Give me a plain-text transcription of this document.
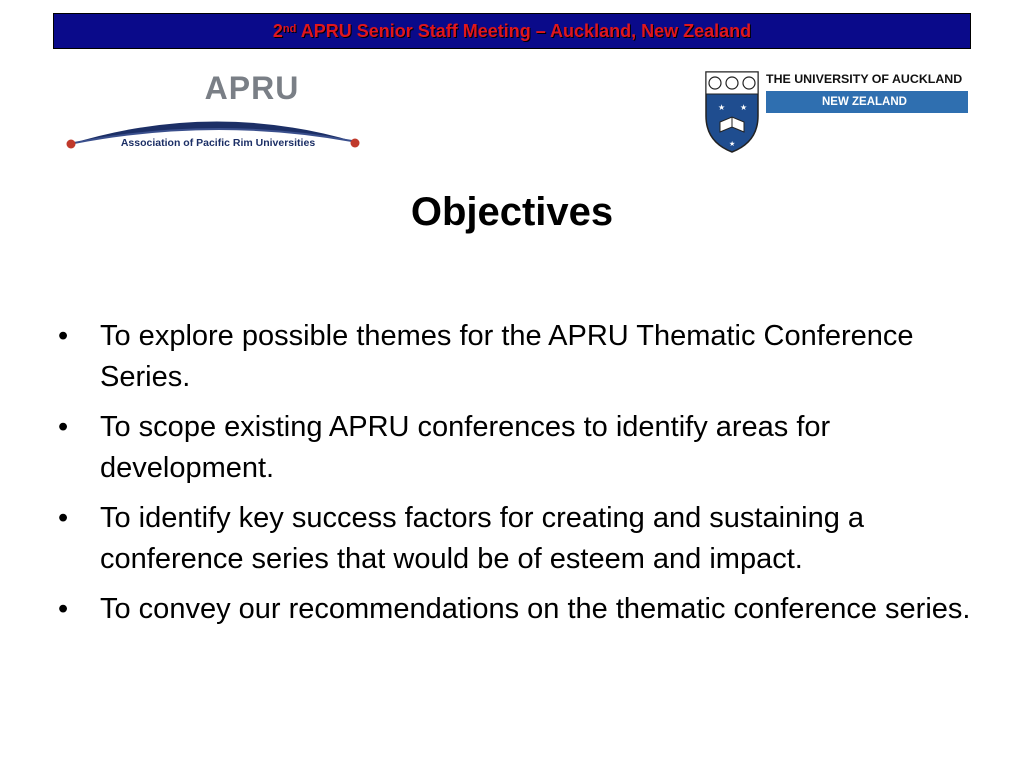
2nd APRU Senior Staff Meeting – Auckland, New Zealand
APRU
Association of Pacific Rim Universities
★ ★
★
THE UNIVERSITY OF AUCKLAND
NEW ZEALAND
Objectives
• To explore possible themes for the APRU Thematic Conference Series.
• To scope existing APRU conferences to identify areas for development.
• To identify key success factors for creating and sustaining a conference series that would be of esteem and impact.
• To convey our recommendations on the thematic conference series.
